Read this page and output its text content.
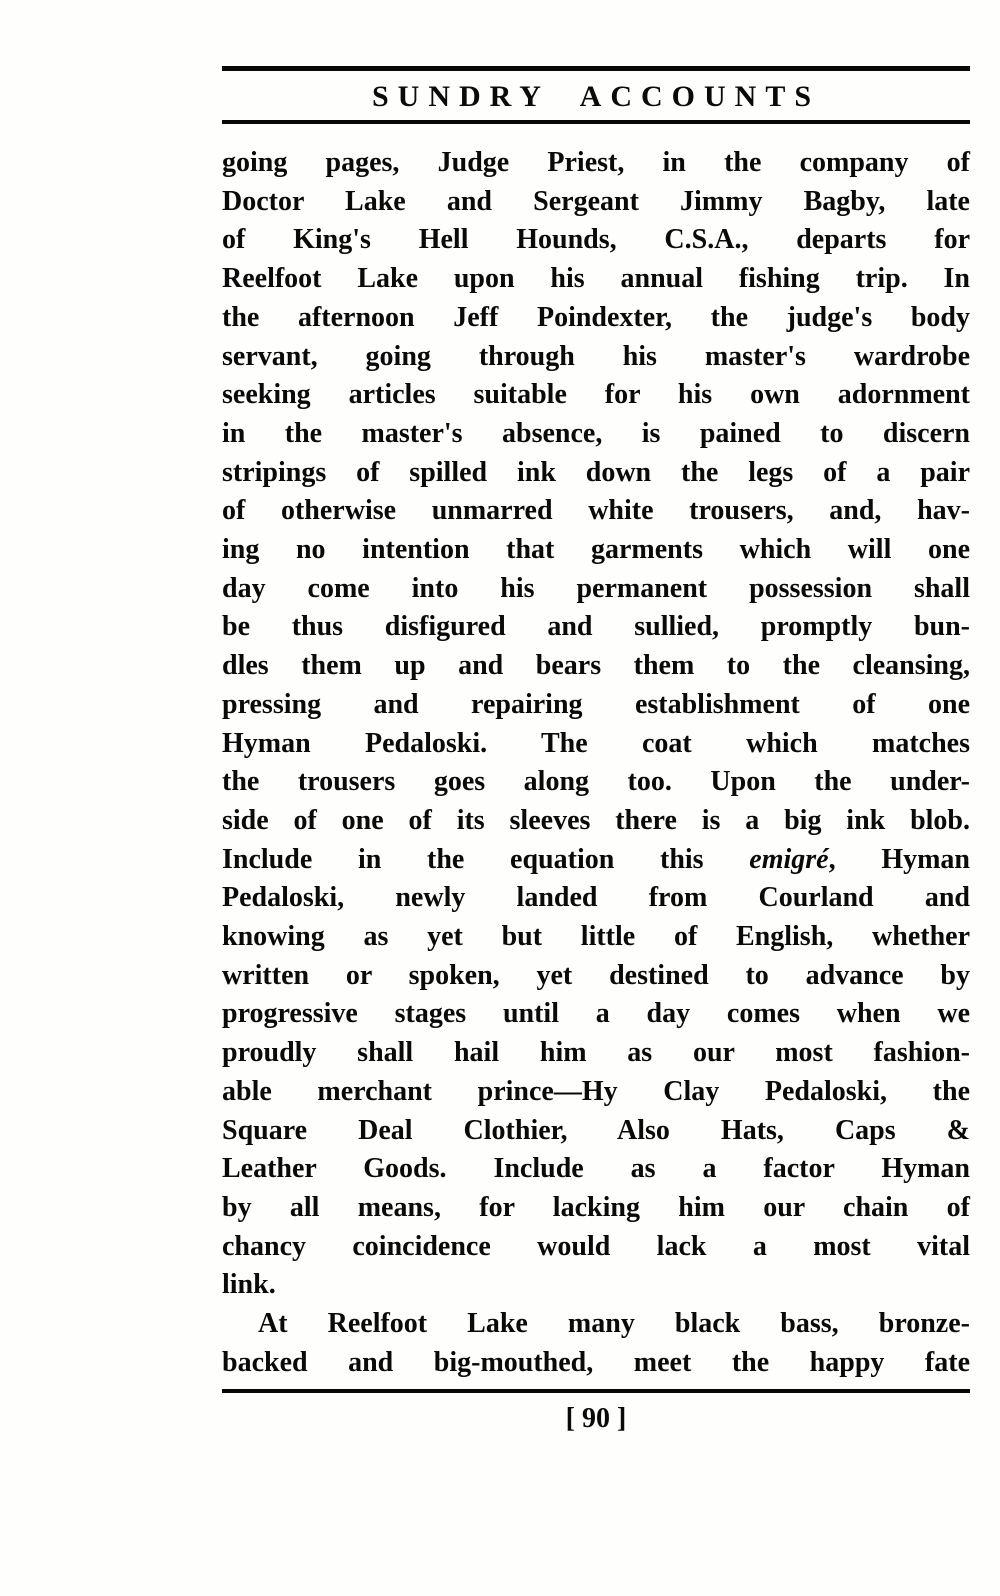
SUNDRY ACCOUNTS
going pages, Judge Priest, in the company of
Doctor Lake and Sergeant Jimmy Bagby, late
of King's Hell Hounds, C.S.A., departs for
Reelfoot Lake upon his annual fishing trip. In
the afternoon Jeff Poindexter, the judge's body
servant, going through his master's wardrobe
seeking articles suitable for his own adornment
in the master's absence, is pained to discern
stripings of spilled ink down the legs of a pair
of otherwise unmarred white trousers, and, hav-
ing no intention that garments which will one
day come into his permanent possession shall
be thus disfigured and sullied, promptly bun-
dles them up and bears them to the cleansing,
pressing and repairing establishment of one
Hyman Pedaloski. The coat which matches
the trousers goes along too. Upon the under-
side of one of its sleeves there is a big ink blob.
Include in the equation this emigré, Hyman
Pedaloski, newly landed from Courland and
knowing as yet but little of English, whether
written or spoken, yet destined to advance by
progressive stages until a day comes when we
proudly shall hail him as our most fashion-
able merchant prince—Hy Clay Pedaloski, the
Square Deal Clothier, Also Hats, Caps &
Leather Goods. Include as a factor Hyman
by all means, for lacking him our chain of
chancy coincidence would lack a most vital
link.
At Reelfoot Lake many black bass, bronze-
backed and big-mouthed, meet the happy fate
[ 90 ]
